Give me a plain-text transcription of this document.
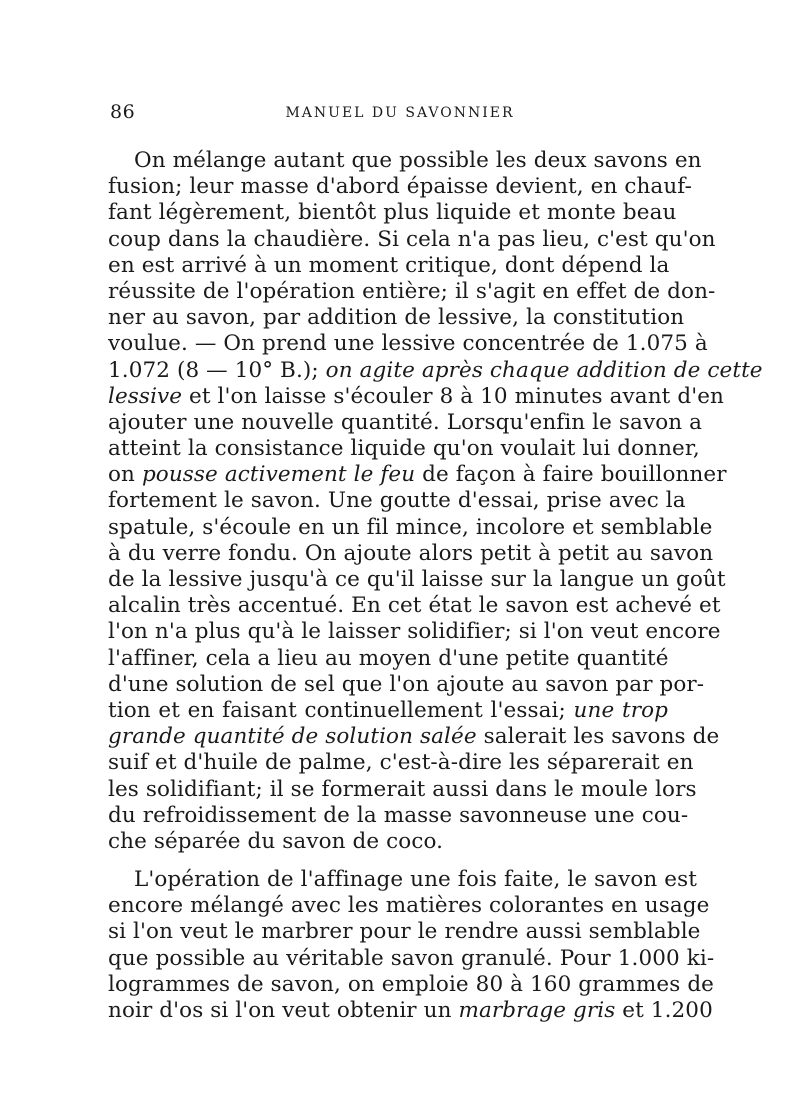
86	MANUEL DU SAVONNIER
On mélange autant que possible les deux savons en
fusion; leur masse d'abord épaisse devient, en chauf-
fant légèrement, bientôt plus liquide et monte beau
coup dans la chaudière. Si cela n'a pas lieu, c'est qu'on
en est arrivé à un moment critique, dont dépend la
réussite de l'opération entière; il s'agit en effet de don-
ner au savon, par addition de lessive, la constitution
voulue. — On prend une lessive concentrée de 1.075 à
1.072 (8 — 10° B.); on agite après chaque addition de cette
lessive et l'on laisse s'écouler 8 à 10 minutes avant d'en
ajouter une nouvelle quantité. Lorsqu'enfin le savon a
atteint la consistance liquide qu'on voulait lui donner,
on pousse activement le feu de façon à faire bouillonner
fortement le savon. Une goutte d'essai, prise avec la
spatule, s'écoule en un fil mince, incolore et semblable
à du verre fondu. On ajoute alors petit à petit au savon
de la lessive jusqu'à ce qu'il laisse sur la langue un goût
alcalin très accentué. En cet état le savon est achevé et
l'on n'a plus qu'à le laisser solidifier; si l'on veut encore
l'affiner, cela a lieu au moyen d'une petite quantité
d'une solution de sel que l'on ajoute au savon par por-
tion et en faisant continuellement l'essai; une trop
grande quantité de solution salée salerait les savons de
suif et d'huile de palme, c'est-à-dire les séparerait en
les solidifiant; il se formerait aussi dans le moule lors
du refroidissement de la masse savonneuse une cou-
che séparée du savon de coco.
L'opération de l'affinage une fois faite, le savon est
encore mélangé avec les matières colorantes en usage
si l'on veut le marbrer pour le rendre aussi semblable
que possible au véritable savon granulé. Pour 1.000 ki-
logrammes de savon, on emploie 80 à 160 grammes de
noir d'os si l'on veut obtenir un marbrage gris et 1.200
